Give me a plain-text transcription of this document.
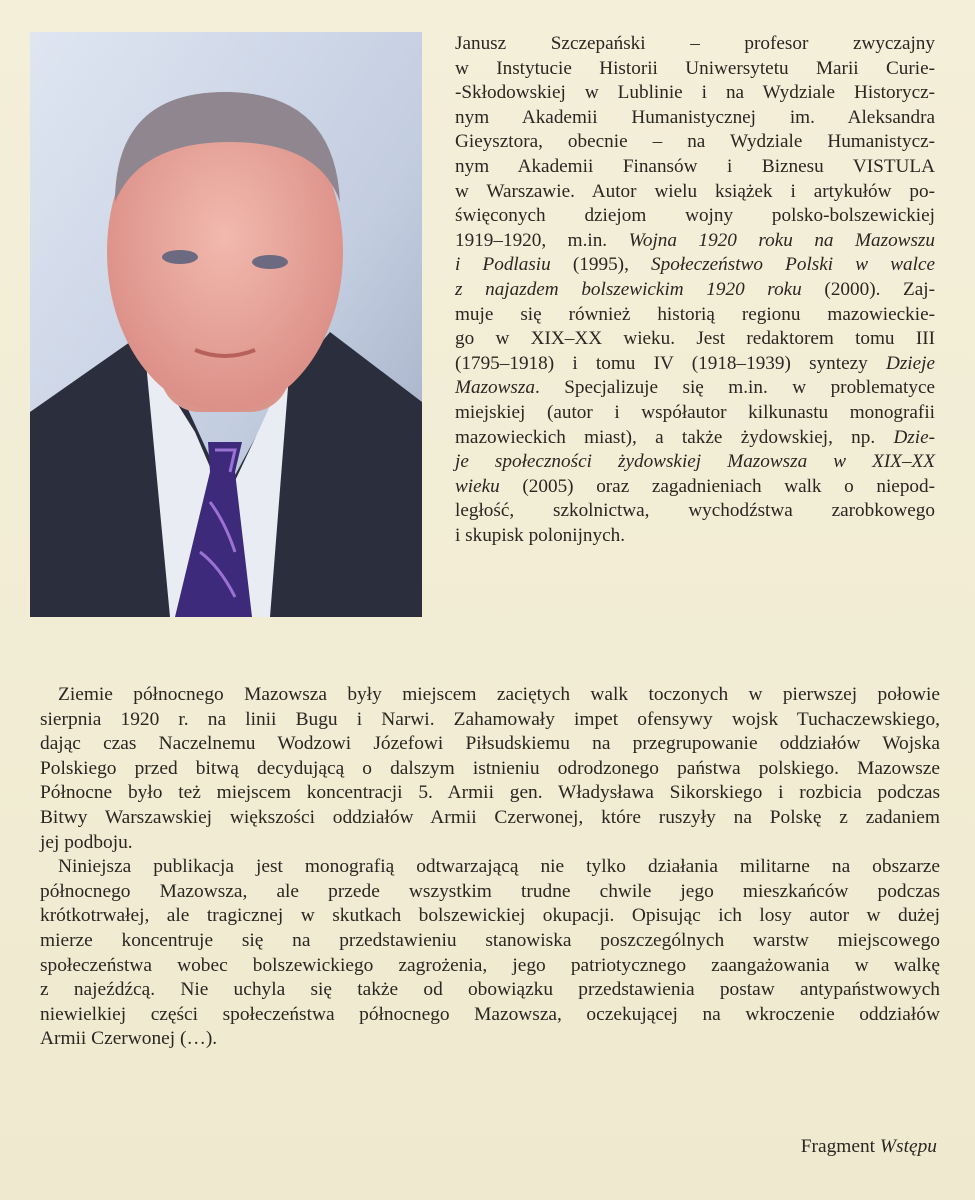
Janusz Szczepański – profesor zwyczajny
w Instytucie Historii Uniwersytetu Marii Curie-
-Skłodowskiej w Lublinie i na Wydziale Historycz-
nym Akademii Humanistycznej im. Aleksandra
Gieysztora, obecnie – na Wydziale Humanistycz-
nym Akademii Finansów i Biznesu VISTULA
w Warszawie. Autor wielu książek i artykułów po-
święconych dziejom wojny polsko-bolszewickiej
1919–1920, m.in. Wojna 1920 roku na Mazowszu
i Podlasiu (1995), Społeczeństwo Polski w walce
z najazdem bolszewickim 1920 roku (2000). Zaj-
muje się również historią regionu mazowieckie-
go w XIX–XX wieku. Jest redaktorem tomu III
(1795–1918) i tomu IV (1918–1939) syntezy Dzieje
Mazowsza. Specjalizuje się m.in. w problematyce
miejskiej (autor i współautor kilkunastu monografii
mazowieckich miast), a także żydowskiej, np. Dzie-
je społeczności żydowskiej Mazowsza w XIX–XX
wieku (2005) oraz zagadnieniach walk o niepod-
ległość, szkolnictwa, wychodźstwa zarobkowego
i skupisk polonijnych.
Ziemie północnego Mazowsza były miejscem zaciętych walk toczonych w pierwszej połowie
sierpnia 1920 r. na linii Bugu i Narwi. Zahamowały impet ofensywy wojsk Tuchaczewskiego,
dając czas Naczelnemu Wodzowi Józefowi Piłsudskiemu na przegrupowanie oddziałów Wojska
Polskiego przed bitwą decydującą o dalszym istnieniu odrodzonego państwa polskiego. Mazowsze
Północne było też miejscem koncentracji 5. Armii gen. Władysława Sikorskiego i rozbicia podczas
Bitwy Warszawskiej większości oddziałów Armii Czerwonej, które ruszyły na Polskę z zadaniem
jej podboju.
Niniejsza publikacja jest monografią odtwarzającą nie tylko działania militarne na obszarze
północnego Mazowsza, ale przede wszystkim trudne chwile jego mieszkańców podczas
krótkotrwałej, ale tragicznej w skutkach bolszewickiej okupacji. Opisując ich losy autor w dużej
mierze koncentruje się na przedstawieniu stanowiska poszczególnych warstw miejscowego
społeczeństwa wobec bolszewickiego zagrożenia, jego patriotycznego zaangażowania w walkę
z najeźdźcą. Nie uchyla się także od obowiązku przedstawienia postaw antypaństwowych
niewielkiej części społeczeństwa północnego Mazowsza, oczekującej na wkroczenie oddziałów
Armii Czerwonej (…).
Fragment Wstępu
